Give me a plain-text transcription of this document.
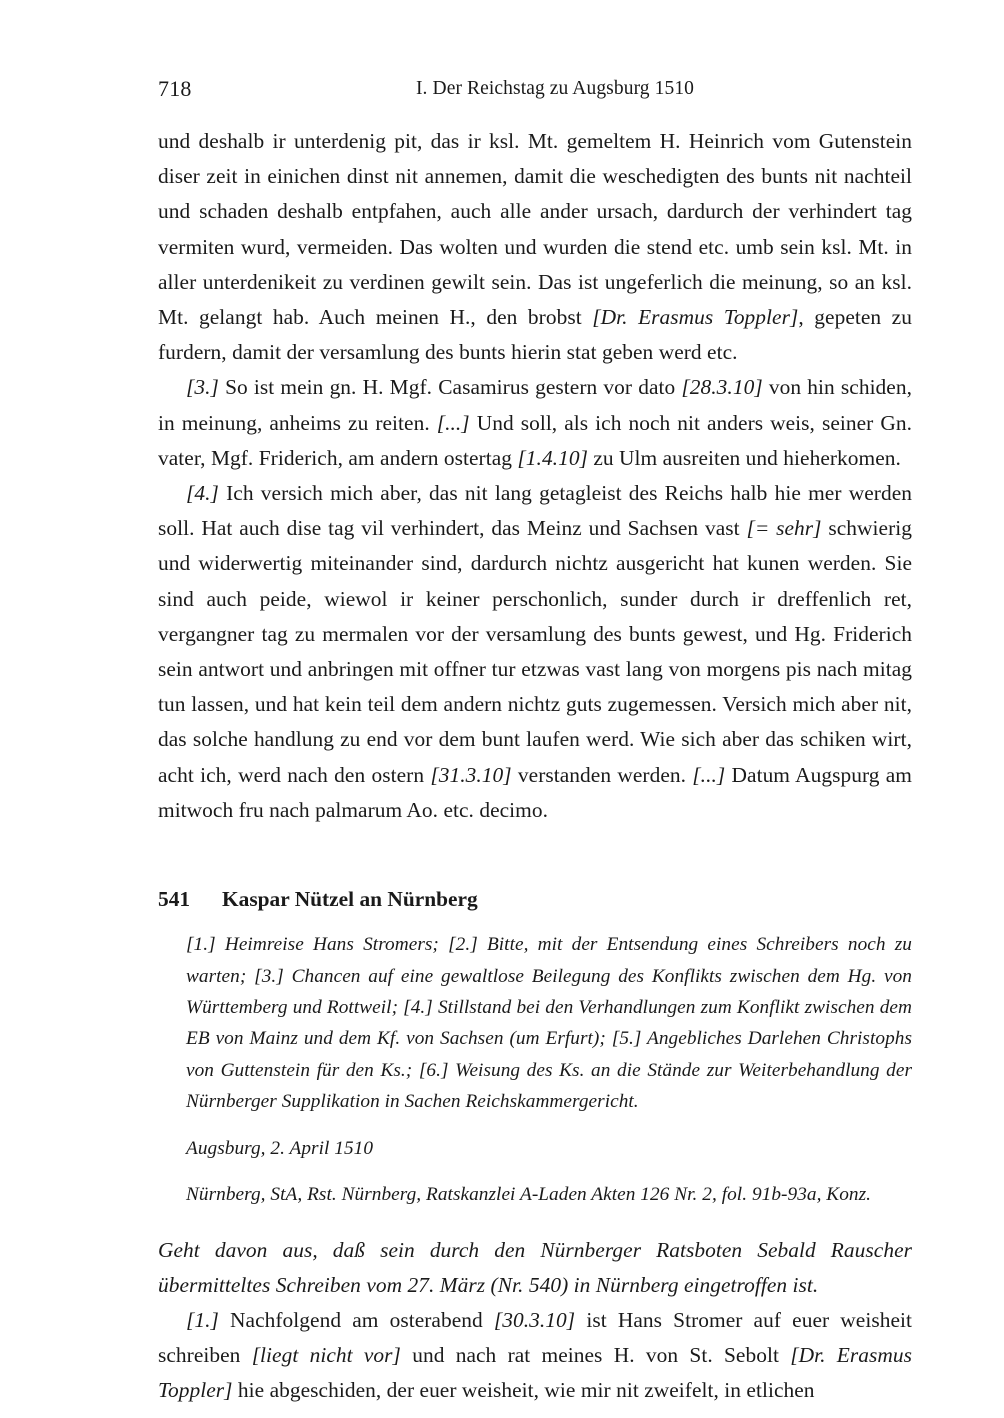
718	I. Der Reichstag zu Augsburg 1510

und deshalb ir unterdenig pit, das ir ksl. Mt. gemeltem H. Heinrich vom Gutenstein diser zeit in einichen dinst nit annemen, damit die weschedigten des bunts nit nachteil und schaden deshalb entpfahen, auch alle ander ursach, dardurch der verhindert tag vermiten wurd, vermeiden. Das wolten und wurden die stend etc. umb sein ksl. Mt. in aller unterdenikeit zu verdinen gewilt sein. Das ist ungeferlich die meinung, so an ksl. Mt. gelangt hab. Auch meinen H., den brobst [Dr. Erasmus Toppler], gepeten zu furdern, damit der versamlung des bunts hierin stat geben werd etc.

[3.] So ist mein gn. H. Mgf. Casamirus gestern vor dato [28.3.10] von hin schiden, in meinung, anheims zu reiten. [...] Und soll, als ich noch nit anders weis, seiner Gn. vater, Mgf. Friderich, am andern ostertag [1.4.10] zu Ulm ausreiten und hieherkomen.

[4.] Ich versich mich aber, das nit lang getagleist des Reichs halb hie mer werden soll. Hat auch dise tag vil verhindert, das Meinz und Sachsen vast [= sehr] schwierig und widerwertig miteinander sind, dardurch nichtz ausgericht hat kunen werden. Sie sind auch peide, wiewol ir keiner perschonlich, sunder durch ir dreffenlich ret, vergangner tag zu mermalen vor der versamlung des bunts gewest, und Hg. Friderich sein antwort und anbringen mit offner tur etzwas vast lang von morgens pis nach mitag tun lassen, und hat kein teil dem andern nichtz guts zugemessen. Versich mich aber nit, das solche handlung zu end vor dem bunt laufen werd. Wie sich aber das schiken wirt, acht ich, werd nach den ostern [31.3.10] verstanden werden. [...] Datum Augspurg am mitwoch fru nach palmarum Ao. etc. decimo.

541	Kaspar Nützel an Nürnberg

[1.] Heimreise Hans Stromers; [2.] Bitte, mit der Entsendung eines Schreibers noch zu warten; [3.] Chancen auf eine gewaltlose Beilegung des Konflikts zwischen dem Hg. von Württemberg und Rottweil; [4.] Stillstand bei den Verhandlungen zum Konflikt zwischen dem EB von Mainz und dem Kf. von Sachsen (um Erfurt); [5.] Angebliches Darlehen Christophs von Guttenstein für den Ks.; [6.] Weisung des Ks. an die Stände zur Weiterbehandlung der Nürnberger Supplikation in Sachen Reichskammergericht.

Augsburg, 2. April 1510

Nürnberg, StA, Rst. Nürnberg, Ratskanzlei A-Laden Akten 126 Nr. 2, fol. 91b-93a, Konz.

Geht davon aus, daß sein durch den Nürnberger Ratsboten Sebald Rauscher übermitteltes Schreiben vom 27. März (Nr. 540) in Nürnberg eingetroffen ist.

[1.] Nachfolgend am osterabend [30.3.10] ist Hans Stromer auf euer weisheit schreiben [liegt nicht vor] und nach rat meines H. von St. Sebolt [Dr. Erasmus Toppler] hie abgeschiden, der euer weisheit, wie mir nit zweifelt, in etlichen
